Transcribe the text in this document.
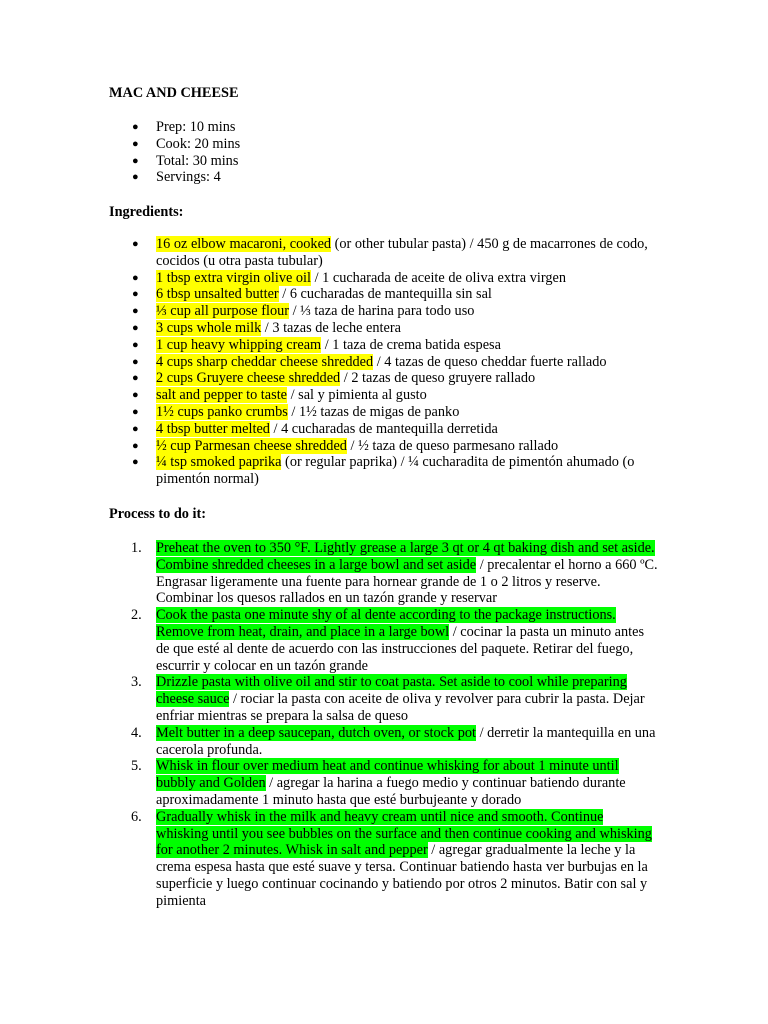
MAC AND CHEESE

● Prep: 10 mins
● Cook: 20 mins
● Total: 30 mins
● Servings: 4

Ingredients:

● 16 oz elbow macaroni, cooked (or other tubular pasta) / 450 g de macarrones de codo, cocidos (u otra pasta tubular)
● 1 tbsp extra virgin olive oil / 1 cucharada de aceite de oliva extra virgen
● 6 tbsp unsalted butter / 6 cucharadas de mantequilla sin sal
● ⅓ cup all purpose flour / ⅓ taza de harina para todo uso
● 3 cups whole milk / 3 tazas de leche entera
● 1 cup heavy whipping cream / 1 taza de crema batida espesa
● 4 cups sharp cheddar cheese shredded / 4 tazas de queso cheddar fuerte rallado
● 2 cups Gruyere cheese shredded / 2 tazas de queso gruyere rallado
● salt and pepper to taste / sal y pimienta al gusto
● 1½ cups panko crumbs / 1½ tazas de migas de panko
● 4 tbsp butter melted / 4 cucharadas de mantequilla derretida
● ½ cup Parmesan cheese shredded / ½ taza de queso parmesano rallado
● ¼ tsp smoked paprika (or regular paprika) / ¼ cucharadita de pimentón ahumado (o pimentón normal)

Process to do it:

1. Preheat the oven to 350 °F. Lightly grease a large 3 qt or 4 qt baking dish and set aside. Combine shredded cheeses in a large bowl and set aside / precalentar el horno a 660 ºC. Engrasar ligeramente una fuente para hornear grande de 1 o 2 litros y reserve. Combinar los quesos rallados en un tazón grande y reservar
2. Cook the pasta one minute shy of al dente according to the package instructions. Remove from heat, drain, and place in a large bowl / cocinar la pasta un minuto antes de que esté al dente de acuerdo con las instrucciones del paquete. Retirar del fuego, escurrir y colocar en un tazón grande
3. Drizzle pasta with olive oil and stir to coat pasta. Set aside to cool while preparing cheese sauce / rociar la pasta con aceite de oliva y revolver para cubrir la pasta. Dejar enfriar mientras se prepara la salsa de queso
4. Melt butter in a deep saucepan, dutch oven, or stock pot / derretir la mantequilla en una cacerola profunda.
5. Whisk in flour over medium heat and continue whisking for about 1 minute until bubbly and Golden / agregar la harina a fuego medio y continuar batiendo durante aproximadamente 1 minuto hasta que esté burbujeante y dorado
6. Gradually whisk in the milk and heavy cream until nice and smooth. Continue whisking until you see bubbles on the surface and then continue cooking and whisking for another 2 minutes. Whisk in salt and pepper / agregar gradualmente la leche y la crema espesa hasta que esté suave y tersa. Continuar batiendo hasta ver burbujas en la superficie y luego continuar cocinando y batiendo por otros 2 minutos. Batir con sal y pimienta
